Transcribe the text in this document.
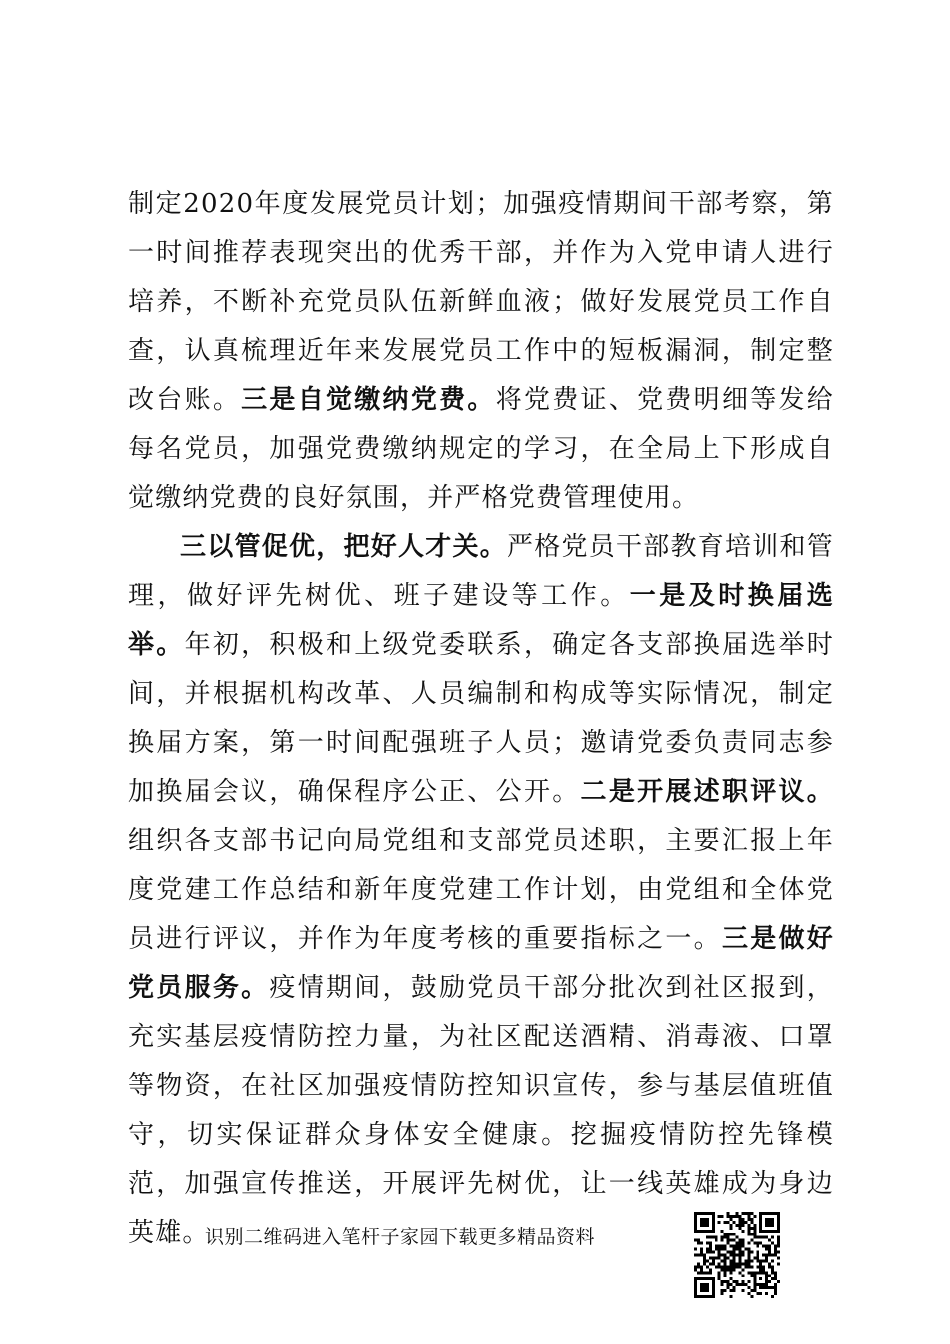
制定2020年度发展党员计划；加强疫情期间干部考察，第一时间推荐表现突出的优秀干部，并作为入党申请人进行培养，不断补充党员队伍新鲜血液；做好发展党员工作自查，认真梳理近年来发展党员工作中的短板漏洞，制定整改台账。三是自觉缴纳党费。将党费证、党费明细等发给每名党员，加强党费缴纳规定的学习，在全局上下形成自觉缴纳党费的良好氛围，并严格党费管理使用。

三以管促优，把好人才关。严格党员干部教育培训和管理，做好评先树优、班子建设等工作。一是及时换届选举。年初，积极和上级党委联系，确定各支部换届选举时间，并根据机构改革、人员编制和构成等实际情况，制定换届方案，第一时间配强班子人员；邀请党委负责同志参加换届会议，确保程序公正、公开。二是开展述职评议。组织各支部书记向局党组和支部党员述职，主要汇报上年度党建工作总结和新年度党建工作计划，由党组和全体党员进行评议，并作为年度考核的重要指标之一。三是做好党员服务。疫情期间，鼓励党员干部分批次到社区报到，充实基层疫情防控力量，为社区配送酒精、消毒液、口罩等物资，在社区加强疫情防控知识宣传，参与基层值班值守，切实保证群众身体安全健康。挖掘疫情防控先锋模范，加强宣传推送，开展评先树优，让一线英雄成为身边英雄。

识别二维码进入笔杆子家园下载更多精品资料
